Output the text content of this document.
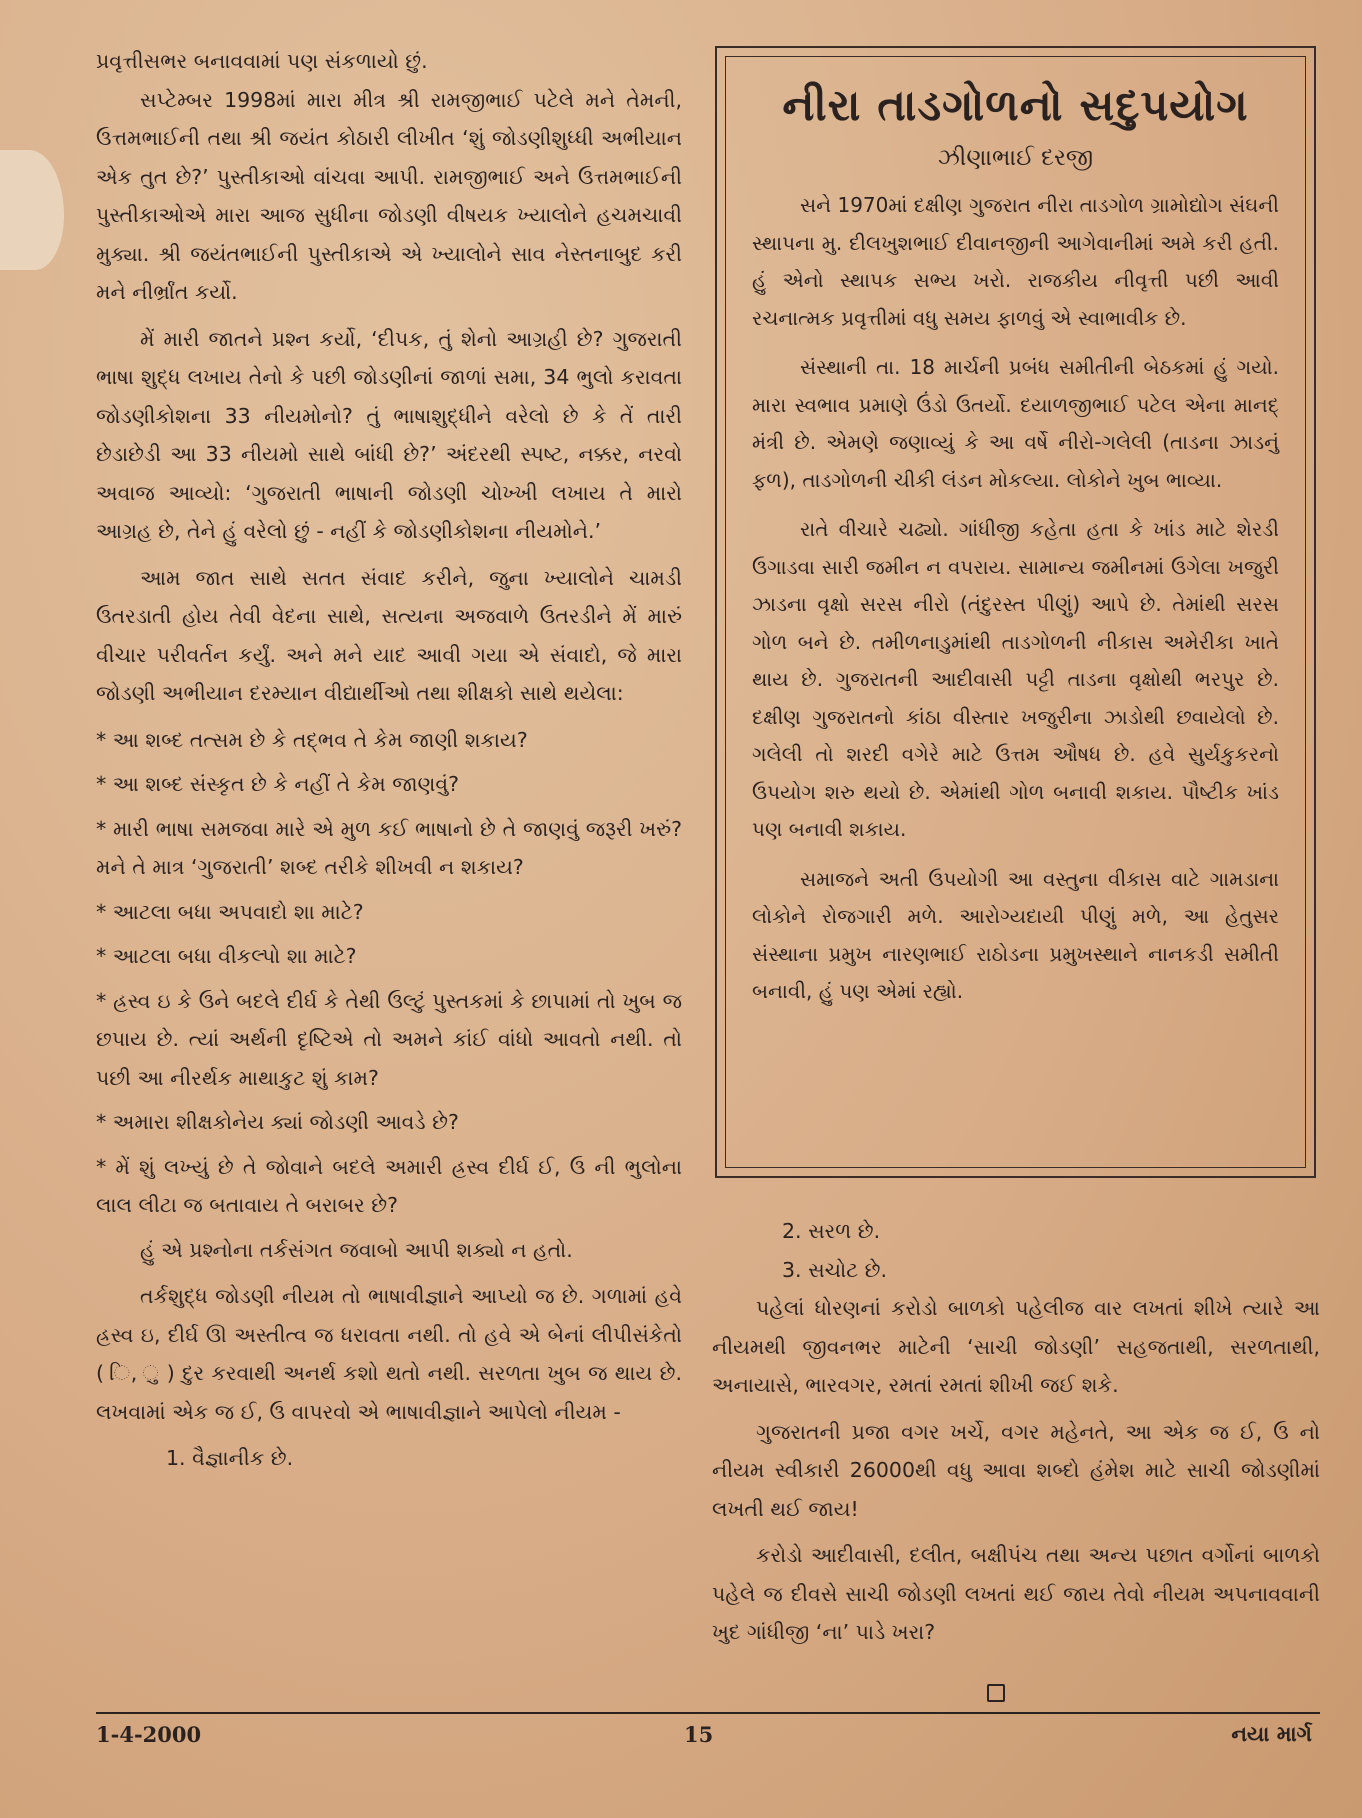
પ્રવૃત્તીસભર બનાવવામાં પણ સંકળાયો છું.

સપ્ટેમ્બર 1998માં મારા મીત્ર શ્રી રામજીભાઈ પટેલે મને તેમની, ઉત્તમભાઈની તથા શ્રી જયંત કોઠારી લીખીત ‘શું જોડણીશુધ્ધી અભીયાન એક તુત છે?’ પુસ્તીકાઓ વાંચવા આપી. રામજીભાઈ અને ઉત્તમભાઈની પુસ્તીકાઓએ મારા આજ સુધીના જોડણી વીષયક ખ્યાલોને હચમચાવી મુક્યા. શ્રી જયંતભાઈની પુસ્તીકાએ એ ખ્યાલોને સાવ નેસ્તનાબુદ કરી મને નીર્ભ્રાંત કર્યો.

મેં મારી જાતને પ્રશ્ન કર્યો, ‘દીપક, તું શેનો આગ્રહી છે? ગુજરાતી ભાષા શુદ્ધ લખાય તેનો કે પછી જોડણીનાં જાળાં સમા, 34 ભુલો કરાવતા જોડણીકોશના 33 નીયમોનો? તું ભાષાશુદ્ધીને વરેલો છે કે તેં તારી છેડાછેડી આ 33 નીયમો સાથે બાંધી છે?’ અંદરથી સ્પષ્ટ, નક્કર, નરવો અવાજ આવ્યો: ‘ગુજરાતી ભાષાની જોડણી ચોખ્ખી લખાય તે મારો આગ્રહ છે, તેને હું વરેલો છું - નહીં કે જોડણીકોશના નીયમોને.’

આમ જાત સાથે સતત સંવાદ કરીને, જુના ખ્યાલોને ચામડી ઉતરડાતી હોય તેવી વેદના સાથે, સત્યના અજવાળે ઉતરડીને મેં મારું વીચાર પરીવર્તન કર્યું. અને મને યાદ આવી ગયા એ સંવાદો, જે મારા જોડણી અભીયાન દરમ્યાન વીદ્યાર્થીઓ તથા શીક્ષકો સાથે થયેલા:

* આ શબ્દ તત્સમ છે કે તદ્ભવ તે કેમ જાણી શકાય?

* આ શબ્દ સંસ્કૃત છે કે નહીં તે કેમ જાણવું?

* મારી ભાષા સમજવા મારે એ મુળ કઈ ભાષાનો છે તે જાણવું જરૂરી ખરું? મને તે માત્ર ‘ગુજરાતી’ શબ્દ તરીકે શીખવી ન શકાય?

* આટલા બધા અપવાદો શા માટે?

* આટલા બધા વીકલ્પો શા માટે?

* હ્રસ્વ ઇ કે ઉને બદલે દીર્ઘ કે તેથી ઉલ્ટું પુસ્તકમાં કે છાપામાં તો ખુબ જ છપાય છે. ત્યાં અર્થની દૃષ્ટિએ તો અમને કાંઈ વાંધો આવતો નથી. તો પછી આ નીરર્થક માથાકુટ શું કામ?

* અમારા શીક્ષકોનેય ક્યાં જોડણી આવડે છે?

* મેં શું લખ્યું છે તે જોવાને બદલે અમારી હ્રસ્વ દીર્ઘ ઈ, ઉ ની ભુલોના લાલ લીટા જ બતાવાય તે બરાબર છે?

હું એ પ્રશ્નોના તર્કસંગત જવાબો આપી શક્યો ન હતો.

તર્કશુદ્ધ જોડણી નીયમ તો ભાષાવીજ્ઞાને આપ્યો જ છે. ગળામાં હવે હ્રસ્વ ઇ, દીર્ઘ ઊ અસ્તીત્વ જ ધરાવતા નથી. તો હવે એ બેનાં લીપીસંકેતો ( િ, ુ ) દુર કરવાથી અનર્થ કશો થતો નથી. સરળતા ખુબ જ થાય છે. લખવામાં એક જ ઈ, ઉ વાપરવો એ ભાષાવીજ્ઞાને આપેલો નીયમ -

1. વૈજ્ઞાનીક છે.

નીરા તાડગોળનો સદુપયોગ
ઝીણાભાઈ દરજી

સને 1970માં દક્ષીણ ગુજરાત નીરા તાડગોળ ગ્રામોદ્યોગ સંઘની સ્થાપના મુ. દીલખુશભાઈ દીવાનજીની આગેવાનીમાં અમે કરી હતી. હું એનો સ્થાપક સભ્ય ખરો. રાજકીય નીવૃત્તી પછી આવી રચનાત્મક પ્રવૃત્તીમાં વધુ સમય ફાળવું એ સ્વાભાવીક છે.

સંસ્થાની તા. 18 માર્ચની પ્રબંધ સમીતીની બેઠકમાં હું ગયો. મારા સ્વભાવ પ્રમાણે ઉંડો ઉતર્યો. દયાળજીભાઈ પટેલ એના માનદ્ મંત્રી છે. એમણે જણાવ્યું કે આ વર્ષે નીરો-ગલેલી (તાડના ઝાડનું ફળ), તાડગોળની ચીકી લંડન મોકલ્યા. લોકોને ખુબ ભાવ્યા.

રાતે વીચારે ચઢ્યો. ગાંધીજી કહેતા હતા કે ખાંડ માટે શેરડી ઉગાડવા સારી જમીન ન વપરાય. સામાન્ય જમીનમાં ઉગેલા ખજુરી ઝાડના વૃક્ષો સરસ નીરો (તંદુરસ્ત પીણું) આપે છે. તેમાંથી સરસ ગોળ બને છે. તમીળનાડુમાંથી તાડગોળની નીકાસ અમેરીકા ખાતે થાય છે. ગુજરાતની આદીવાસી પટ્ટી તાડના વૃક્ષોથી ભરપુર છે. દક્ષીણ ગુજરાતનો કાંઠા વીસ્તાર ખજુરીના ઝાડોથી છવાયેલો છે. ગલેલી તો શરદી વગેરે માટે ઉત્તમ ઔષધ છે. હવે સુર્યકુકરનો ઉપયોગ શરુ થયો છે. એમાંથી ગોળ બનાવી શકાય. પૌષ્ટીક ખાંડ પણ બનાવી શકાય.

સમાજને અતી ઉપયોગી આ વસ્તુના વીકાસ વાટે ગામડાના લોકોને રોજગારી મળે. આરોગ્યદાયી પીણું મળે, આ હેતુસર સંસ્થાના પ્રમુખ નારણભાઈ રાઠોડના પ્રમુખસ્થાને નાનકડી સમીતી બનાવી, હું પણ એમાં રહ્યો.

2. સરળ છે.

3. સચોટ છે.

પહેલાં ધોરણનાં કરોડો બાળકો પહેલીજ વાર લખતાં શીખે ત્યારે આ નીયમથી જીવનભર માટેની ‘સાચી જોડણી’ સહજતાથી, સરળતાથી, અનાયાસે, ભારવગર, રમતાં રમતાં શીખી જઈ શકે.

ગુજરાતની પ્રજા વગર ખર્ચે, વગર મહેનતે, આ એક જ ઈ, ઉ નો નીયમ સ્વીકારી 26000થી વધુ આવા શબ્દો હંમેશ માટે સાચી જોડણીમાં લખતી થઈ જાય!

કરોડો આદીવાસી, દલીત, બક્ષીપંચ તથા અન્ય પછાત વર્ગોનાં બાળકો પહેલે જ દીવસે સાચી જોડણી લખતાં થઈ જાય તેવો નીયમ અપનાવવાની ખુદ ગાંધીજી ‘ના’ પાડે ખરા?

1-4-2000	15	નયા માર્ગ
